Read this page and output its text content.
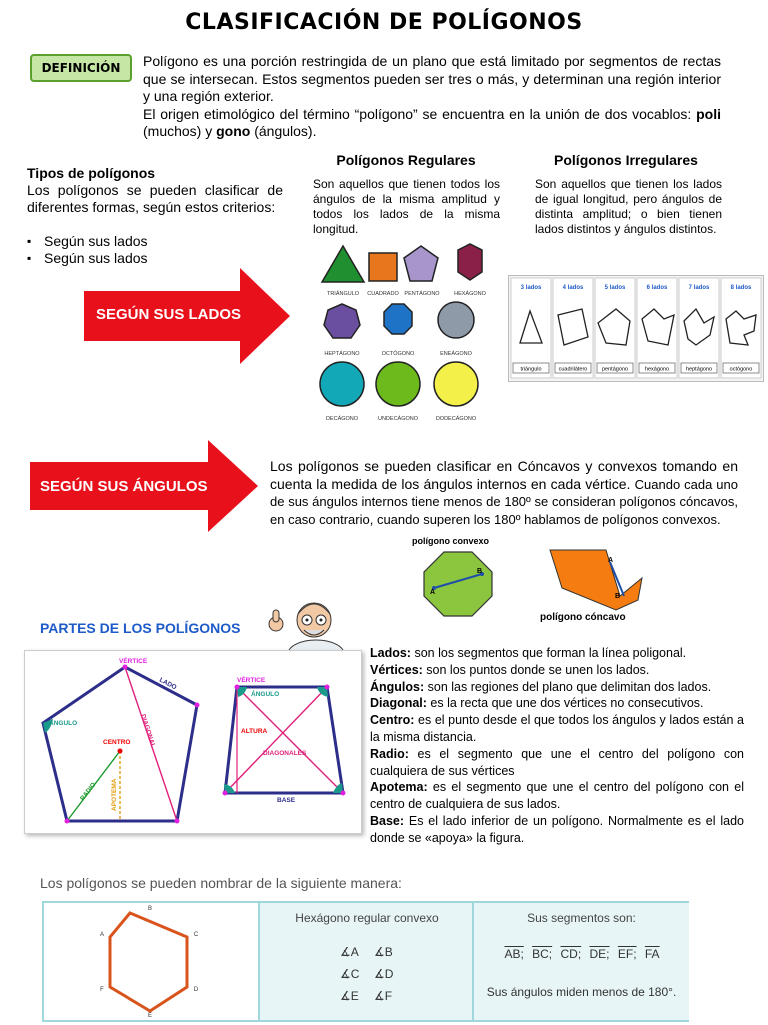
CLASIFICACIÓN DE POLÍGONOS
DEFINICIÓN	Polígono es una porción restringida de un plano que está limitado por segmentos de rectas que se intersecan. Estos segmentos pueden ser tres o más, y determinan una región interior y una región exterior.
El origen etimológico del término “polígono” se encuentra en la unión de dos vocablos: poli (muchos) y gono (ángulos).
Tipos de polígonos
Los polígonos se pueden clasificar de diferentes formas, según estos criterios:
▪ Según sus lados
▪ Según sus lados
Polígonos Regulares
Son aquellos que tienen todos los ángulos de la misma amplitud y todos los lados de la misma longitud.
Polígonos Irregulares
Son aquellos que tienen los lados de igual longitud, pero ángulos de distinta amplitud; o bien tienen lados distintos y ángulos distintos.
SEGÚN SUS LADOS
TRIÁNGULO CUADRADO PENTÁGONO	HEXÁGONO
HEPTÁGONO	OCTÓGONO	ENEÁGONO
DECÁGONO	UNDECÁGONO	DODECÁGONO
3 lados	4 lados	5 lados	6 lados	7 lados	8 lados
triángulo	cuadrilátero	pentágono	hexágono	heptágono	octógono
SEGÚN SUS ÁNGULOS
Los polígonos se pueden clasificar en Cóncavos y convexos tomando en cuenta la medida de los ángulos internos en cada vértice. Cuando cada uno de sus ángulos internos tiene menos de 180º se consideran polígonos cóncavos, en caso contrario, cuando superen los 180º hablamos de polígonos convexos.
polígono convexo
A
B
A
B
polígono cóncavo
PARTES DE LOS POLÍGONOS
VÉRTICE
LADO
ÁNGULO	DIAGONAL
CENTRO
RADIO APOTEMA
VÉRTICE
ÁNGULO
ALTURA
DIAGONALES
BASE
Lados: son los segmentos que forman la línea poligonal.
Vértices: son los puntos donde se unen los lados.
Ángulos: son las regiones del plano que delimitan dos lados.
Diagonal: es la recta que une dos vértices no consecutivos.
Centro: es el punto desde el que todos los ángulos y lados están a la misma distancia.
Radio: es el segmento que une el centro del polígono con cualquiera de sus vértices
Apotema: es el segmento que une el centro del polígono con el centro de cualquiera de sus lados.
Base: Es el lado inferior de un polígono. Normalmente es el lado donde se «apoya» la figura.
Los polígonos se pueden nombrar de la siguiente manera:
A
B
C
D
E
F
Hexágono regular convexo
∡A ∡B
∡C ∡D
∡E ∡F
Sus segmentos son:
AB; BC; CD; DE; EF; $\overline{FA}$
Sus ángulos miden menos de 180°.
